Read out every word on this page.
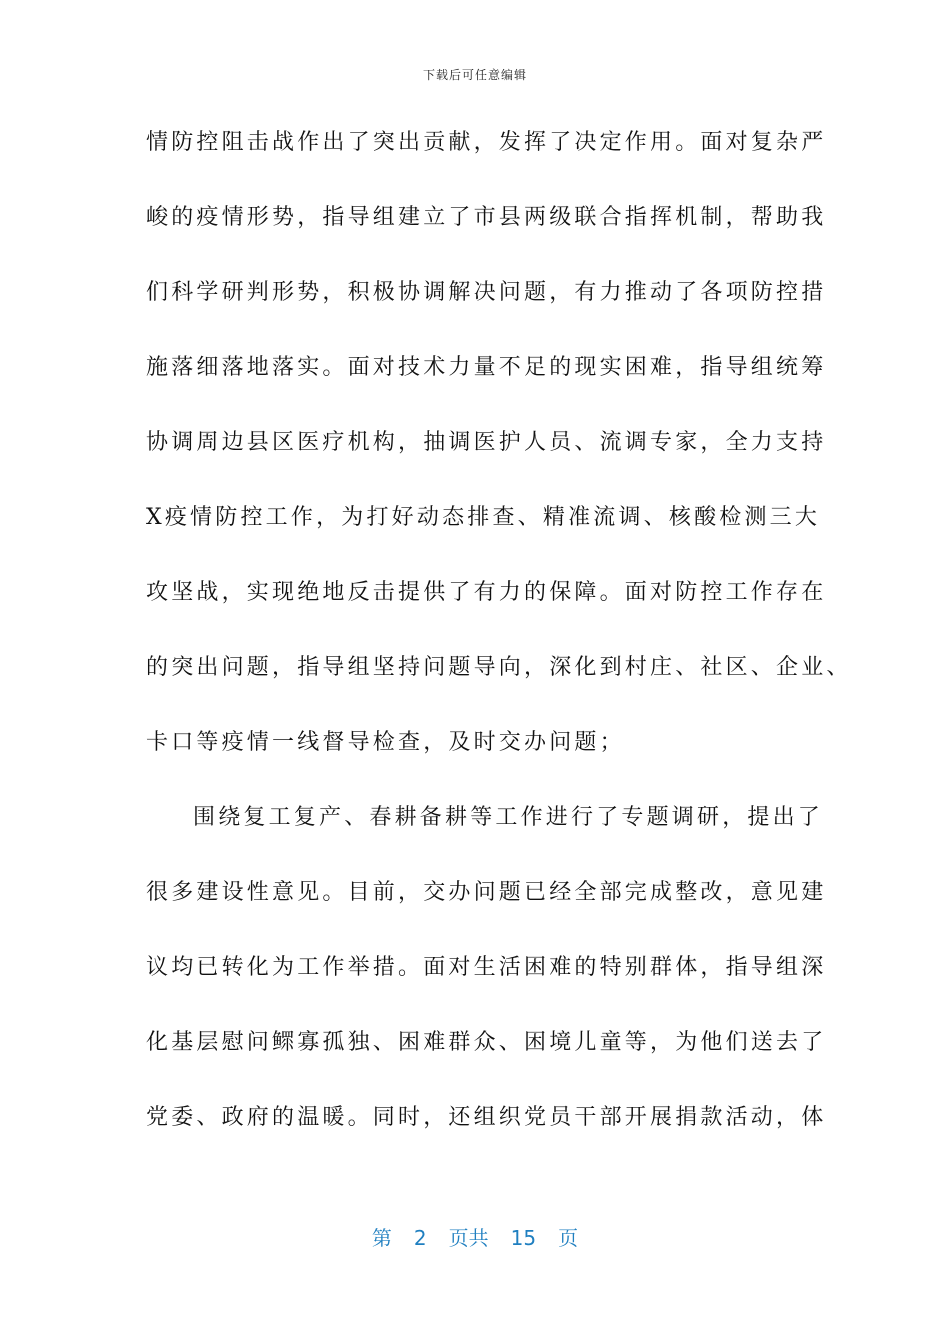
下载后可任意编辑
情防控阻击战作出了突出贡献，发挥了决定作用。面对复杂严
峻的疫情形势，指导组建立了市县两级联合指挥机制，帮助我
们科学研判形势，积极协调解决问题，有力推动了各项防控措
施落细落地落实。面对技术力量不足的现实困难，指导组统筹
协调周边县区医疗机构，抽调医护人员、流调专家，全力支持
X疫情防控工作，为打好动态排查、精准流调、核酸检测三大
攻坚战，实现绝地反击提供了有力的保障。面对防控工作存在
的突出问题，指导组坚持问题导向，深化到村庄、社区、企业、
卡口等疫情一线督导检查，及时交办问题；
围绕复工复产、春耕备耕等工作进行了专题调研，提出了
很多建设性意见。目前，交办问题已经全部完成整改，意见建
议均已转化为工作举措。面对生活困难的特别群体，指导组深
化基层慰问鳏寡孤独、困难群众、困境儿童等，为他们送去了
党委、政府的温暖。同时，还组织党员干部开展捐款活动，体
第 2 页共 15 页
